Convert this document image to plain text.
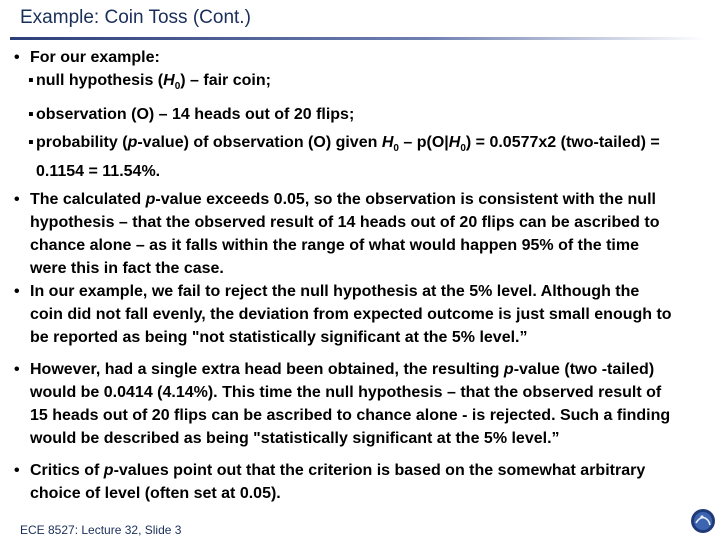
Example: Coin Toss (Cont.)

• For our example:

▪ null hypothesis $(H_0)$ – fair coin;

▪ observation (O) – 14 heads out of 20 flips;

▪ probability (p-value) of observation (O) given $H_0 - p(O|H_0) = 0.0577x2$ (two-tailed) = 0.1154 = 11.54%.

• The calculated p-value exceeds 0.05, so the observation is consistent with the null hypothesis – that the observed result of 14 heads out of 20 flips can be ascribed to chance alone – as it falls within the range of what would happen 95% of the time were this in fact the case.

• In our example, we fail to reject the null hypothesis at the 5% level. Although the coin did not fall evenly, the deviation from expected outcome is just small enough to be reported as being "not statistically significant at the 5% level.”

• However, had a single extra head been obtained, the resulting p-value (two -tailed) would be 0.0414 (4.14%). This time the null hypothesis – that the observed result of 15 heads out of 20 flips can be ascribed to chance alone - is rejected. Such a finding would be described as being "statistically significant at the 5% level.”

• Critics of p-values point out that the criterion is based on the somewhat arbitrary choice of level (often set at 0.05).

ECE 8527: Lecture 32, Slide 3
